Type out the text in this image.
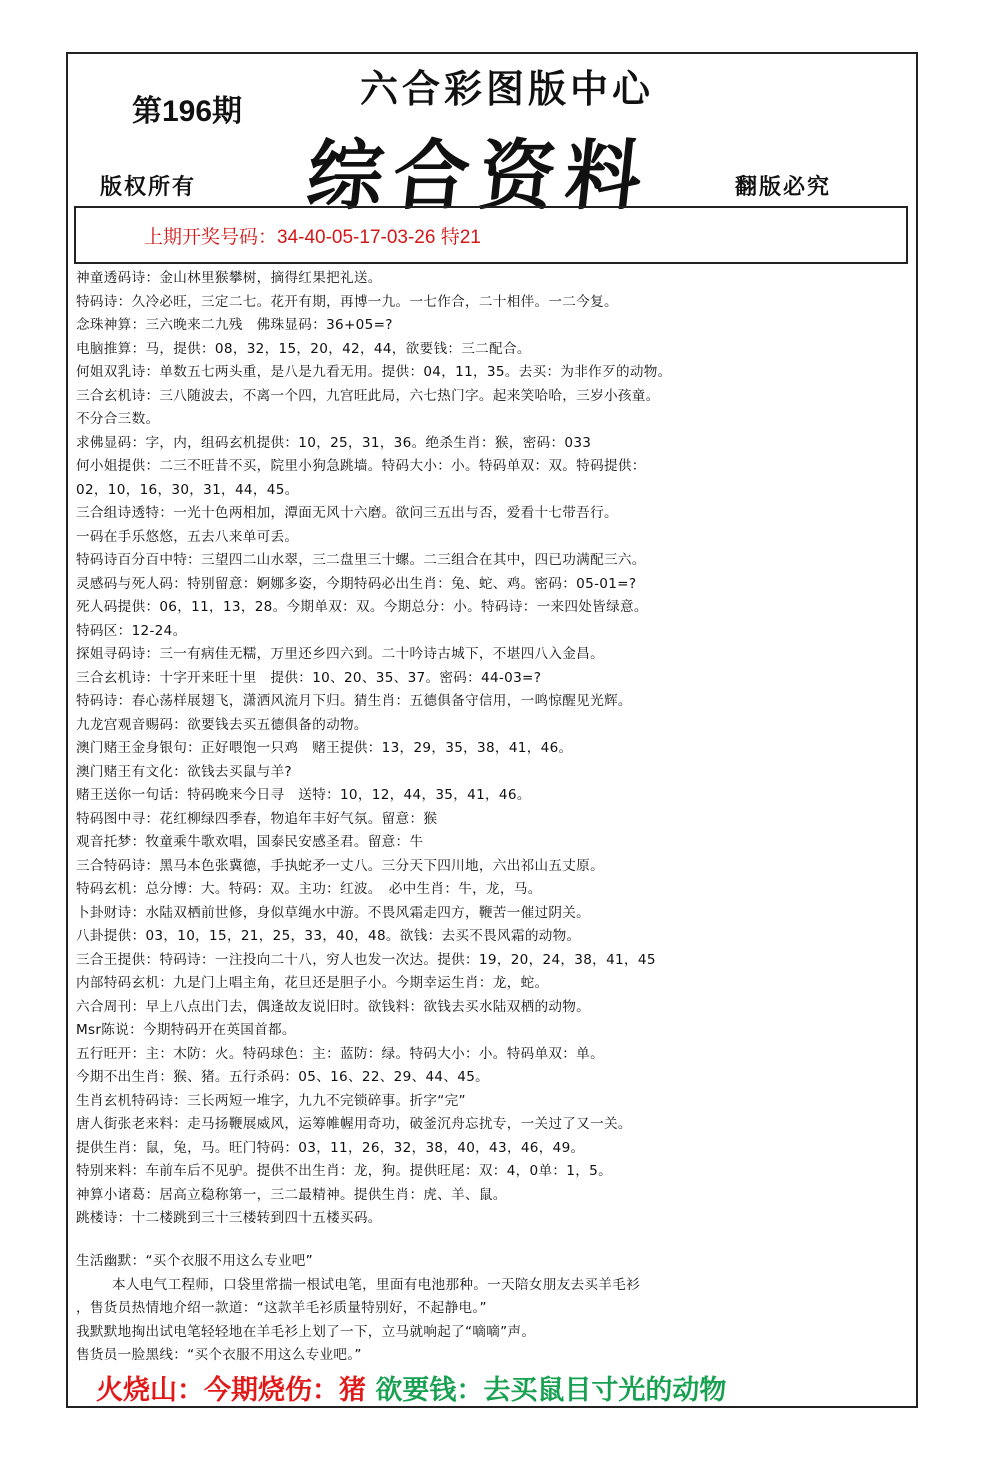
六合彩图版中心
第196期
综合资料
版权所有	翻版必究
上期开奖号码：34-40-05-17-03-26 特21
神童透码诗：金山林里猴攀树，摘得红果把礼送。
特码诗：久冷必旺，三定二七。花开有期，再博一九。一七作合，二十相伴。一二今复。
念珠神算：三六晚来二九残　佛珠显码：36+05=?
电脑推算：马，提供：08，32，15，20，42，44，欲要钱：三二配合。
何姐双乳诗：单数五七两头重，是八是九看无用。提供：04，11，35。去买：为非作歹的动物。
三合玄机诗：三八随波去，不离一个四，九宫旺此局，六七热门字。起来笑哈哈，三岁小孩童。
不分合三数。
求佛显码：字，内，组码玄机提供：10，25，31，36。绝杀生肖：猴，密码：033
何小姐提供：二三不旺昔不买，院里小狗急跳墙。特码大小：小。特码单双：双。特码提供：
02，10，16，30，31，44，45。
三合组诗透特：一光十色两相加，潭面无风十六磨。欲问三五出与否，爱看十七带吾行。
一码在手乐悠悠，五去八来单可丢。
特码诗百分百中特：三望四二山水翠，三二盘里三十螺。二三组合在其中，四已功满配三六。
灵感码与死人码：特别留意：婀娜多姿，今期特码必出生肖：兔、蛇、鸡。密码：05-01=?
死人码提供：06，11，13，28。今期单双：双。今期总分：小。特码诗：一来四处皆绿意。
特码区：12-24。
探姐寻码诗：三一有病佳无糯，万里还乡四六到。二十吟诗古城下，不堪四八入金昌。
三合玄机诗：十字开来旺十里　提供：10、20、35、37。密码：44-03=?
特码诗：春心荡样展翅飞，潇洒风流月下归。猜生肖：五德俱备守信用，一鸣惊醒见光辉。
九龙宫观音赐码：欲要钱去买五德俱备的动物。
澳门赌王金身银句：正好喂饱一只鸡　赌王提供：13，29，35，38，41，46。
澳门赌王有文化：欲钱去买鼠与羊?
赌王送你一句话：特码晚来今日寻　送特：10，12，44，35，41，46。
特码图中寻：花红柳绿四季春，物追年丰好气氛。留意：猴
观音托梦：牧童乘牛歌欢唱，国泰民安感圣君。留意：牛
三合特码诗：黑马本色张冀德，手执蛇矛一丈八。三分天下四川地，六出祁山五丈原。
特码玄机：总分博：大。特码：双。主功：红波。　必中生肖：牛，龙，马。
卜卦财诗：水陆双栖前世修，身似草绳水中游。不畏风霜走四方，鞭苦一催过阴关。
八卦提供：03，10，15，21，25，33，40，48。欲钱：去买不畏风霜的动物。
三合王提供：特码诗：一注投向二十八，穷人也发一次达。提供：19，20，24，38，41，45
内部特码玄机：九是门上唱主角，花旦还是胆子小。今期幸运生肖：龙，蛇。
六合周刊：早上八点出门去，偶逢故友说旧时。欲钱料：欲钱去买水陆双栖的动物。
Msr陈说：今期特码开在英国首都。
五行旺开：主：木防：火。特码球色：主：蓝防：绿。特码大小：小。特码单双：单。
今期不出生肖：猴、猪。五行杀码：05、16、22、29、44、45。
生肖玄机特码诗：三长两短一堆字，九九不完锁碎事。折字“完”
唐人街张老来料：走马扬鞭展威风，运筹帷幄用奇功，破釜沉舟忘扰专，一关过了又一关。
提供生肖：鼠，兔，马。旺门特码：03，11，26，32，38，40，43，46，49。
特别来料：车前车后不见驴。提供不出生肖：龙，狗。提供旺尾：双：4，0单：1，5。
神算小诸葛：居高立稳称第一，三二最精神。提供生肖：虎、羊、鼠。
跳楼诗：十二楼跳到三十三楼转到四十五楼买码。
生活幽默：“买个衣服不用这么专业吧”
本人电气工程师，口袋里常揣一根试电笔，里面有电池那种。一天陪女朋友去买羊毛衫
，售货员热情地介绍一款道：“这款羊毛衫质量特别好，不起静电。”
我默默地掏出试电笔轻轻地在羊毛衫上划了一下，立马就响起了“嘀嘀”声。
售货员一脸黑线：“买个衣服不用这么专业吧。”
火烧山：今期烧伤：猪 欲要钱：去买鼠目寸光的动物
